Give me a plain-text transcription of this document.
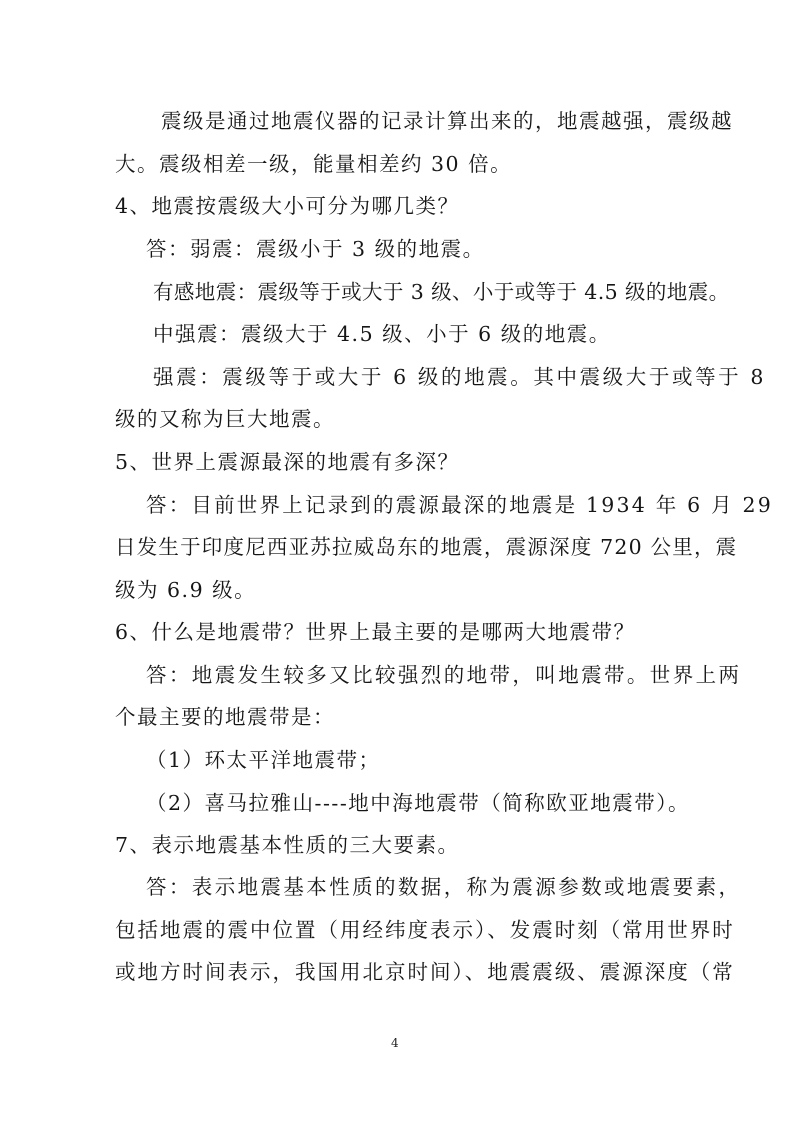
震级是通过地震仪器的记录计算出来的，地震越强，震级越
大。震级相差一级，能量相差约 30 倍。
4、地震按震级大小可分为哪几类？
答：弱震：震级小于 3 级的地震。
有感地震：震级等于或大于 3 级、小于或等于 4.5 级的地震。
中强震：震级大于 4.5 级、小于 6 级的地震。
强震：震级等于或大于 6 级的地震。其中震级大于或等于 8
级的又称为巨大地震。
5、世界上震源最深的地震有多深？
答：目前世界上记录到的震源最深的地震是 1934 年 6 月 29
日发生于印度尼西亚苏拉威岛东的地震，震源深度 720 公里，震
级为 6.9 级。
6、什么是地震带？世界上最主要的是哪两大地震带？
答：地震发生较多又比较强烈的地带，叫地震带。世界上两
个最主要的地震带是：
（1）环太平洋地震带；
（2）喜马拉雅山----地中海地震带（简称欧亚地震带）。
7、表示地震基本性质的三大要素。
答：表示地震基本性质的数据，称为震源参数或地震要素，
包括地震的震中位置（用经纬度表示）、发震时刻（常用世界时
或地方时间表示，我国用北京时间）、地震震级、震源深度（常
4
